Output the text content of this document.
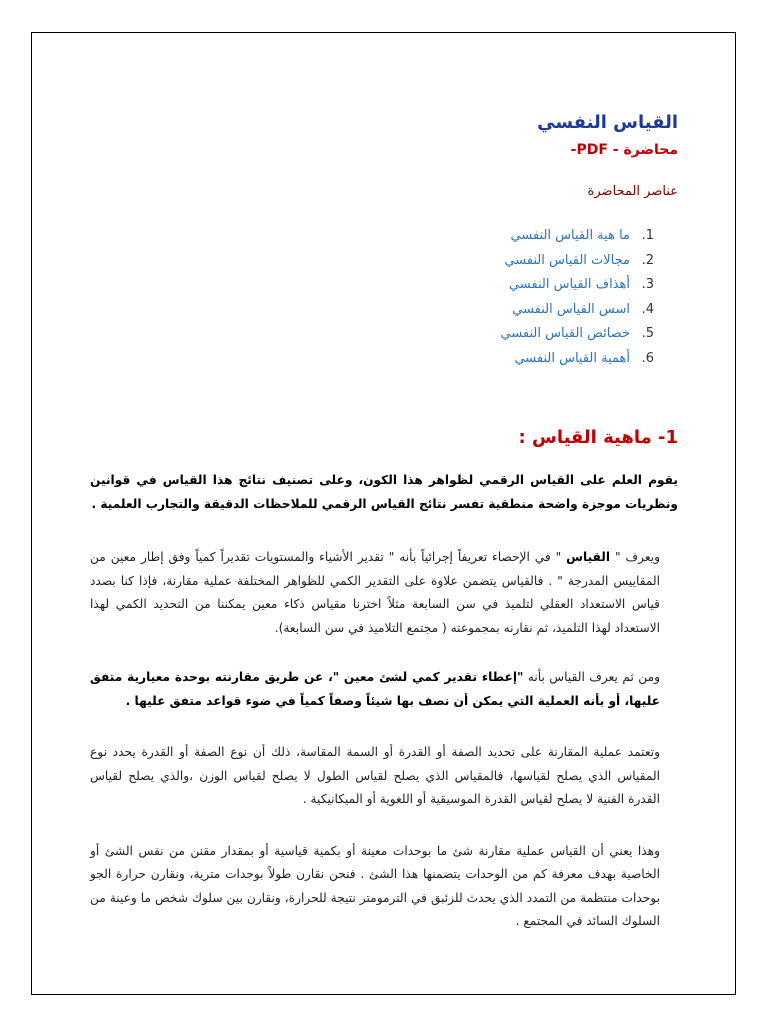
القياس النفسي
محاضرة - PDF-
عناصر المحاضرة
1.ما هية القياس النفسي
2.مجالات القياس النفسي
3.أهذاف القياس النفسي
4.اسس القياس النفسي
5.خصائص القياس النفسي
6.أهمية القياس النفسي
1- ماهية القياس :

يقوم العلم على القياس الرقمي لظواهر هذا الكون، وعلى تصنيف نتائج هذا القياس في قوانين ونظريات موجزة واضحة منطقية تفسر نتائج القياس الرقمي للملاحظات الدقيقة والتجارب العلمية .

ويعرف " القياس " في الإحصاء تعريفاً إجرائياً بأنه " تقدير الأشياء والمستويات تقديراً كمياً وفق إطار معين من المقاييس المدرجة " . فالقياس يتضمن علاوة على التقدير الكمي للظواهر المختلفة عملية مقارنة، فإذا كنا بصدد قياس الاستعداد العقلي لتلميذ في سن السابعة مثلاً اخترنا مقياس ذكاء معين يمكننا من التحديد الكمي لهذا الاستعداد لهذا التلميذ، ثم نقارنه بمجموعته ( مجتمع التلاميذ في سن السابعة).

ومن ثم يعرف القياس بأنه "إعطاء تقدير كمي لشئ معين "، عن طريق مقارنته بوحدة معيارية متفق عليها، أو بأنه العملية التي يمكن أن نصف بها شيئاً وصفاً كمياً في ضوء قواعد متفق عليها .

وتعتمد عملية المقارنة على تحديد الصفة أو القدرة أو السمة المقاسة، ذلك أن نوع الصفة أو القدرة يحدد نوع المقياس الذي يصلح لقياسها، فالمقياس الذي يصلح لقياس الطول لا يصلح لقياس الوزن ،والذي يصلح لقياس القدرة الفنية لا يصلح لقياس القدرة الموسيقية أو اللغوية أو الميكانيكية .

وهذا يعني أن القياس عملية مقارنة شئ ما بوحدات معينة أو بكمية قياسية أو بمقدار مقنن من نفس الشئ أو الخاصية بهدف معرفة كم من الوحدات يتضمنها هذا الشئ . فنحن نقارن طولاً بوحدات مترية، ونقارن حرارة الجو بوحدات منتظمة من التمدد الذي يحدث للزئبق في الترمومتر نتيجة للحرارة، ونقارن بين سلوك شخص ما وعينة من السلوك السائد في المجتمع .
